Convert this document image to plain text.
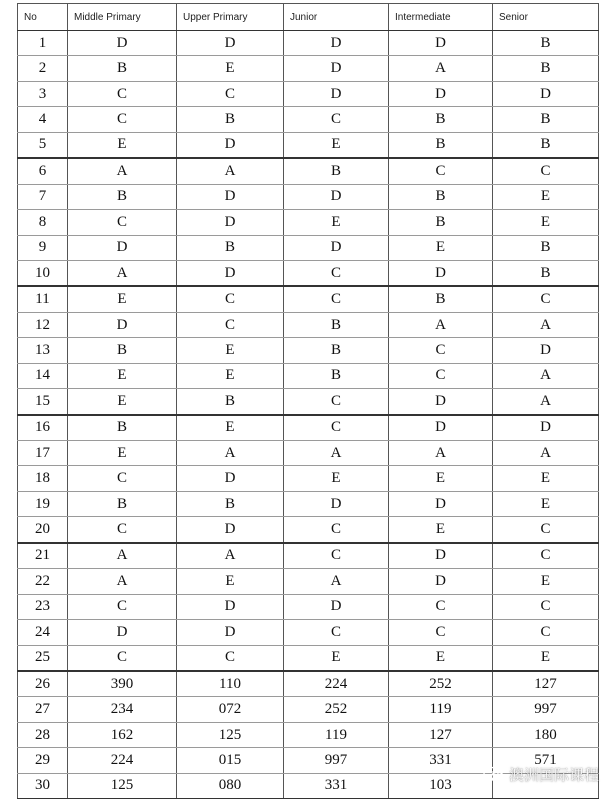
No	Middle Primary	Upper Primary	Junior	Intermediate	Senior
1	D	D	D	D	B
2	B	E	D	A	B
3	C	C	D	D	D
4	C	B	C	B	B
5	E	D	E	B	B
6	A	A	B	C	C
7	B	D	D	B	E
8	C	D	E	B	E
9	D	B	D	E	B
10	A	D	C	D	B
11	E	C	C	B	C
12	D	C	B	A	A
13	B	E	B	C	D
14	E	E	B	C	A
15	E	B	C	D	A
16	B	E	C	D	D
17	E	A	A	A	A
18	C	D	E	E	E
19	B	B	D	D	E
20	C	D	C	E	C
21	A	A	C	D	C
22	A	E	A	D	E
23	C	D	D	C	C
24	D	D	C	C	C
25	C	C	E	E	E
26	390	110	224	252	127
27	234	072	252	119	997
28	162	125	119	127	180
29	224	015	997	331	571
30	125	080	331	103	
澳洲国际课程
